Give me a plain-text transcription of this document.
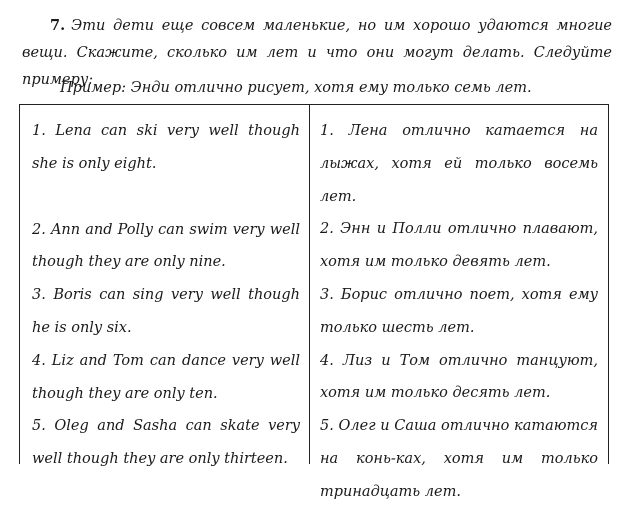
7. Эти дети еще совсем маленькие, но им хорошо удаются многие вещи. Скажите, сколько им лет и что они могут делать. Следуйте примеру:
Пример: Энди отлично рисует, хотя ему только семь лет.

1. Lena can ski very well though she is only eight.

2. Ann and Polly can swim very well though they are only nine.

3. Boris can sing very well though he is only six.

4. Liz and Tom can dance very well though they are only ten.

5. Oleg and Sasha can skate very well though they are only thirteen.

1. Лена отлично катается на лыжах, хотя ей только восемь лет.

2. Энн и Полли отлично плавают, хотя им только девять лет.

3. Борис отлично поет, хотя ему только шесть лет.

4. Лиз и Том отлично танцуют, хотя им только десять лет.

5. Олег и Саша отлично катаются на конь-ках, хотя им только тринадцать лет.
